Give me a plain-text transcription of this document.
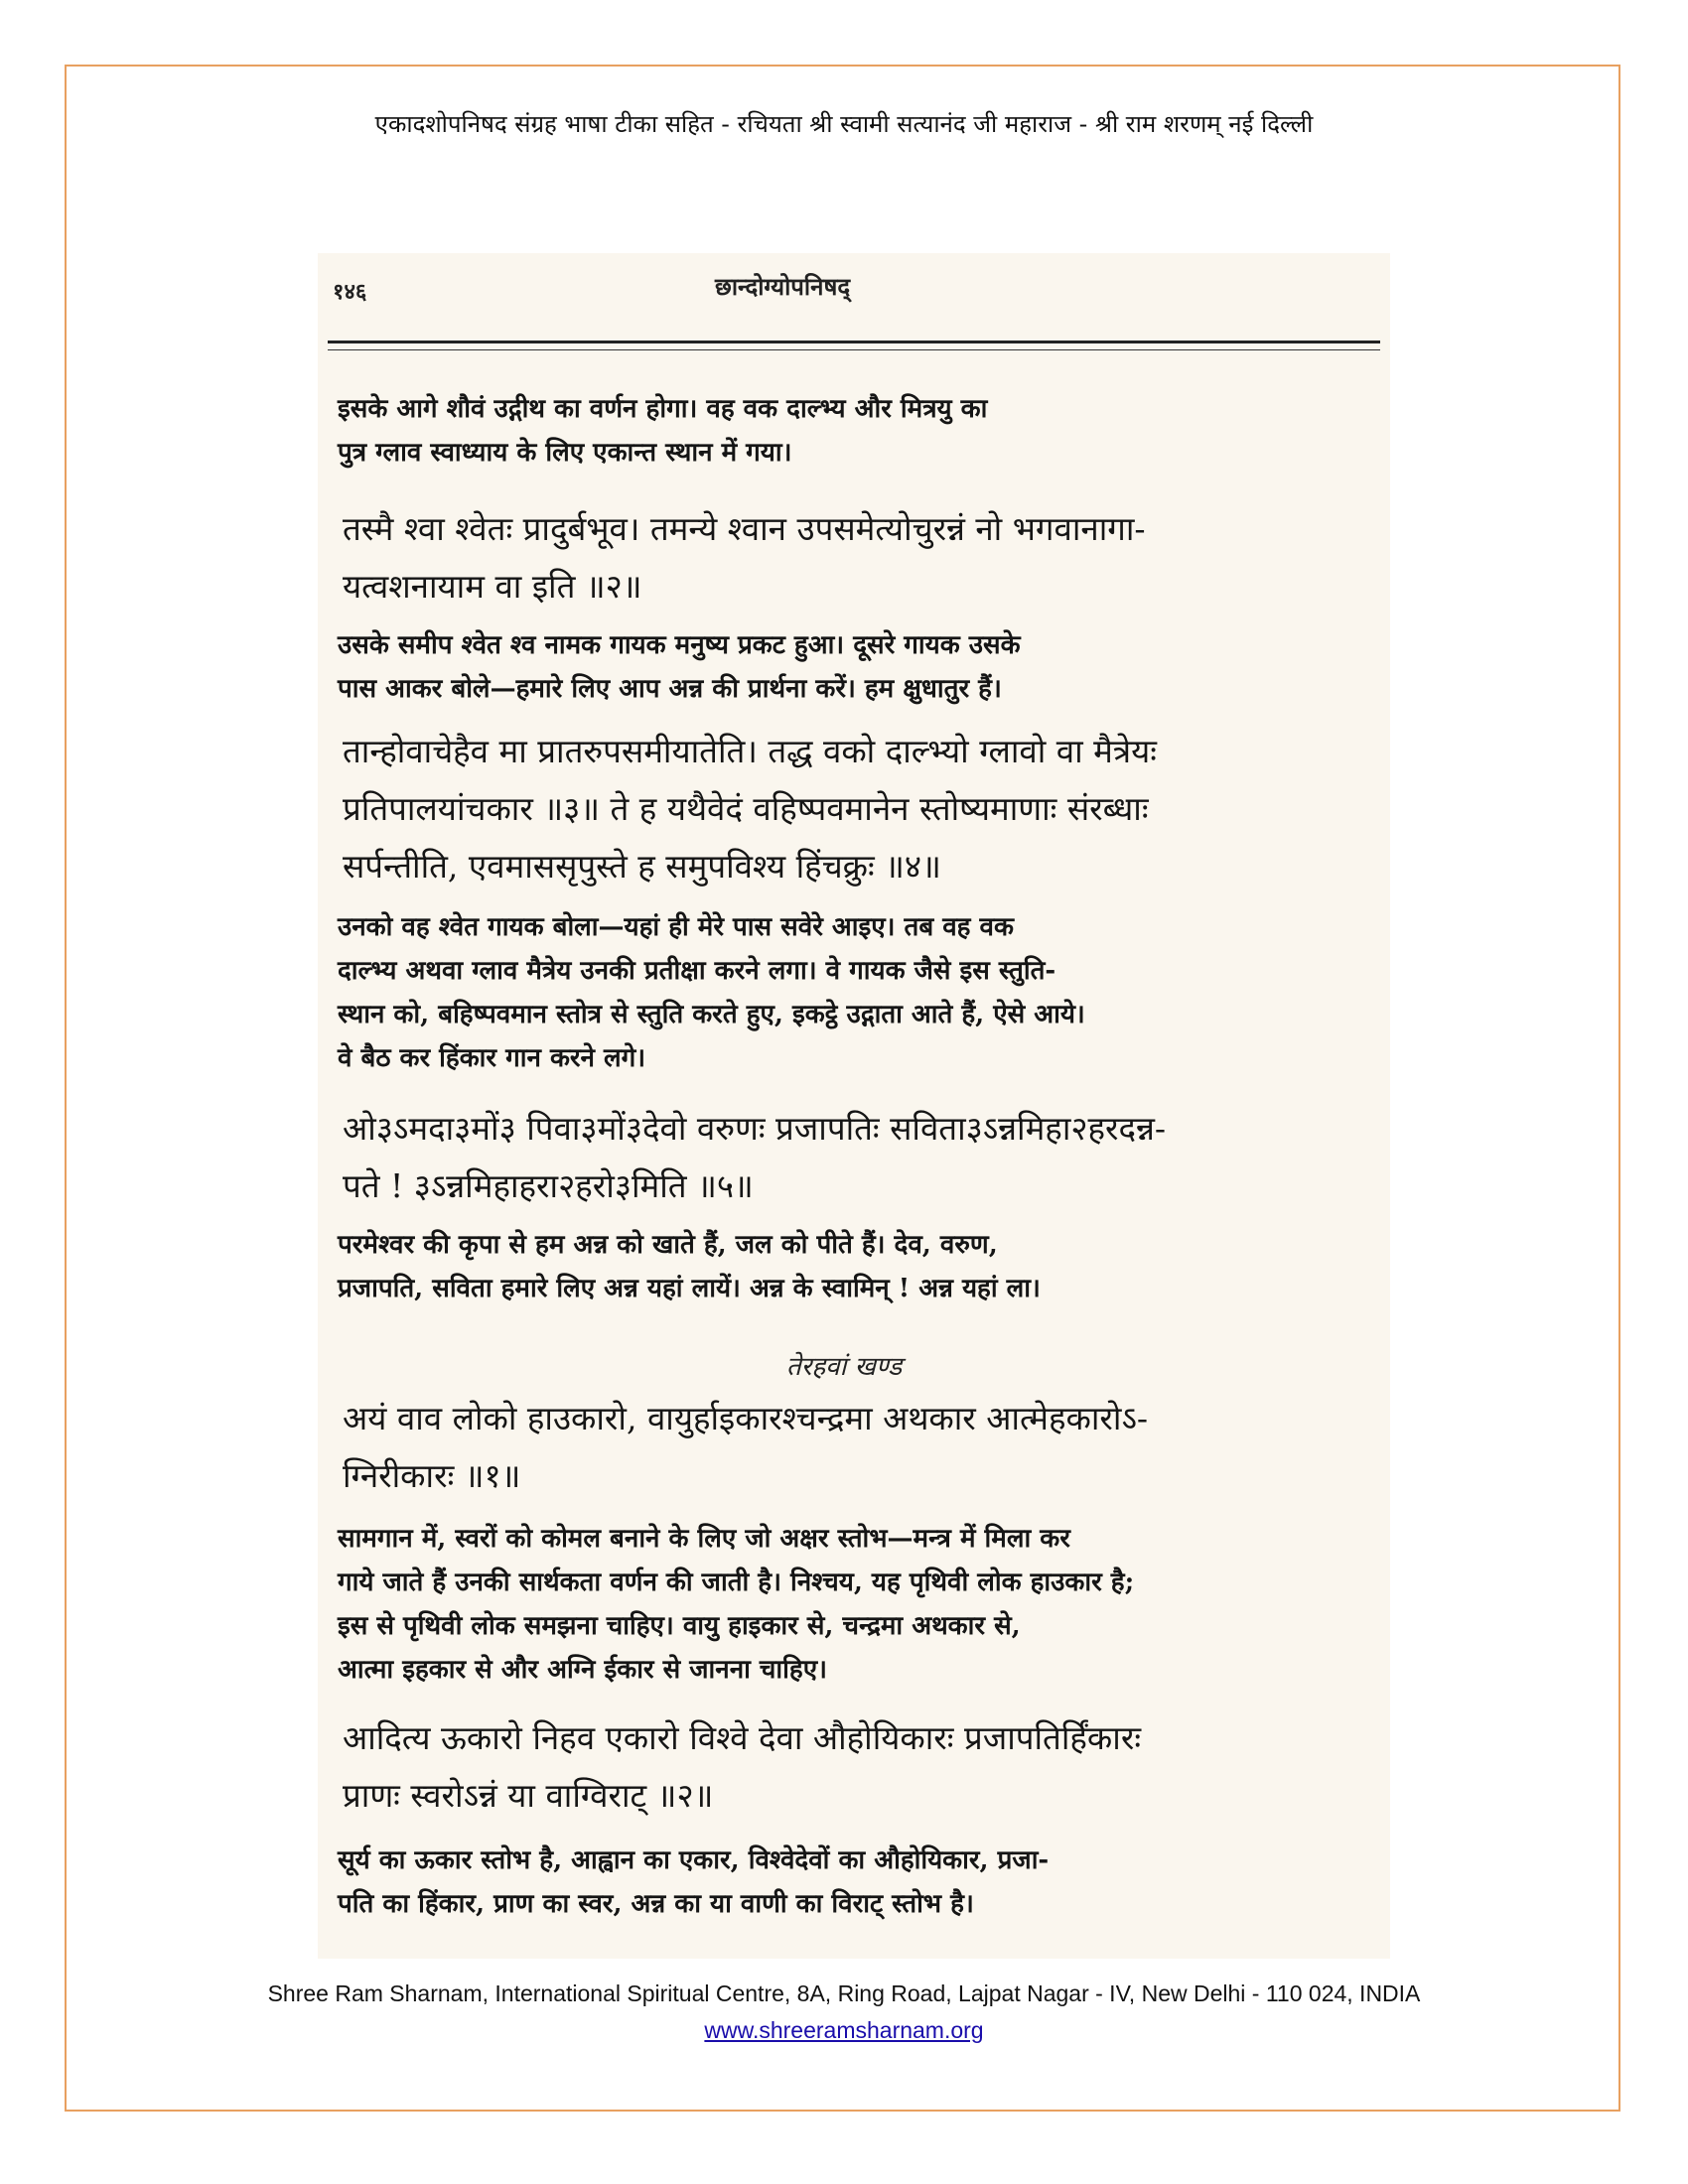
एकादशोपनिषद संग्रह भाषा टीका सहित - रचियता श्री स्वामी सत्यानंद जी महाराज - श्री राम शरणम् नई दिल्ली
१४६	छान्दोग्योपनिषद्
इसके आगे शौवं उद्गीथ का वर्णन होगा। वह वक दाल्भ्य और मित्रयु का
पुत्र ग्लाव स्वाध्याय के लिए एकान्त स्थान में गया।
तस्मै श्वा श्वेतः प्रादुर्बभूव। तमन्ये श्वान उपसमेत्योचुरन्नं नो भगवानागा-
यत्वशनायाम वा इति ॥२॥
उसके समीप श्वेत श्व नामक गायक मनुष्य प्रकट हुआ। दूसरे गायक उसके
पास आकर बोले—हमारे लिए आप अन्न की प्रार्थना करें। हम क्षुधातुर हैं।
तान्होवाचेहैव मा प्रातरुपसमीयातेति। तद्ध वको दाल्भ्यो ग्लावो वा मैत्रेयः
प्रतिपालयांचकार ॥३॥ ते ह यथैवेदं वहिष्पवमानेन स्तोष्यमाणाः संरब्धाः
सर्पन्तीति, एवमाससृपुस्ते ह समुपविश्य हिंचक्रुः ॥४॥
उनको वह श्वेत गायक बोला—यहां ही मेरे पास सवेरे आइए। तब वह वक
दाल्भ्य अथवा ग्लाव मैत्रेय उनकी प्रतीक्षा करने लगा। वे गायक जैसे इस स्तुति-
स्थान को, बहिष्पवमान स्तोत्र से स्तुति करते हुए, इकट्ठे उद्गाता आते हैं, ऐसे आये।
वे बैठ कर हिंकार गान करने लगे।
ओ३ऽमदा३मों३ पिवा३मों३देवो वरुणः प्रजापतिः सविता३ऽन्नमिहा२हरदन्न-
पते ! ३ऽन्नमिहाहरा२हरो३मिति ॥५॥
परमेश्वर की कृपा से हम अन्न को खाते हैं, जल को पीते हैं। देव, वरुण,
प्रजापति, सविता हमारे लिए अन्न यहां लायें। अन्न के स्वामिन् ! अन्न यहां ला।
तेरहवां खण्ड
अयं वाव लोको हाउकारो, वायुर्हाइकारश्चन्द्रमा अथकार आत्मेहकारोऽ-
ग्निरीकारः ॥१॥
सामगान में, स्वरों को कोमल बनाने के लिए जो अक्षर स्तोभ—मन्त्र में मिला कर
गाये जाते हैं उनकी सार्थकता वर्णन की जाती है। निश्चय, यह पृथिवी लोक हाउकार है;
इस से पृथिवी लोक समझना चाहिए। वायु हाइकार से, चन्द्रमा अथकार से,
आत्मा इहकार से और अग्नि ईकार से जानना चाहिए।
आदित्य ऊकारो निहव एकारो विश्वे देवा औहोयिकारः प्रजापतिर्हिंकारः
प्राणः स्वरोऽन्नं या वाग्विराट् ॥२॥
सूर्य का ऊकार स्तोभ है, आह्वान का एकार, विश्वेदेवों का औहोयिकार, प्रजा-
पति का हिंकार, प्राण का स्वर, अन्न का या वाणी का विराट् स्तोभ है।
Shree Ram Sharnam, International Spiritual Centre, 8A, Ring Road, Lajpat Nagar - IV, New Delhi - 110 024, INDIA
www.shreeramsharnam.org
